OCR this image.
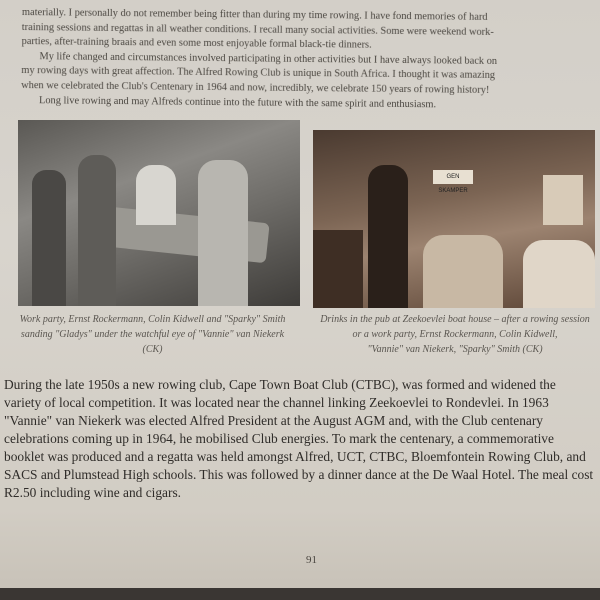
materially. I personally do not remember being fitter than during my time rowing. I have fond memories of hard

training sessions and regattas in all weather conditions. I recall many social activities. Some were weekend work-

parties, after-training braais and even some most enjoyable formal black-tie dinners.

My life changed and circumstances involved participating in other activities but I have always looked back on

my rowing days with great affection. The Alfred Rowing Club is unique in South Africa. I thought it was amazing

when we celebrated the Club's Centenary in 1964 and now, incredibly, we celebrate 150 years of rowing history!

Long live rowing and may Alfreds continue into the future with the same spirit and enthusiasm.

GEN SKAMPER
Work party, Ernst Rockermann, Colin Kidwell and "Sparky" Smith
sanding "Gladys" under the watchful eye of "Vannie" van Niekerk
(CK)
Drinks in the pub at Zeekoevlei boat house – after a rowing session
or a work party, Ernst Rockermann, Colin Kidwell,
"Vannie" van Niekerk, "Sparky" Smith (CK)
During the late 1950s a new rowing club, Cape Town Boat Club (CTBC), was formed and widened the variety of local competition. It was located near the channel linking Zeekoevlei to Rondevlei. In 1963 "Vannie" van Niekerk was elected Alfred President at the August AGM and, with the Club centenary celebrations coming up in 1964, he mobilised Club energies. To mark the centenary, a commemorative booklet was produced and a regatta was held amongst Alfred, UCT, CTBC, Bloemfontein Rowing Club, and SACS and Plumstead High schools. This was followed by a dinner dance at the De Waal Hotel. The meal cost R2.50 including wine and cigars.
91
